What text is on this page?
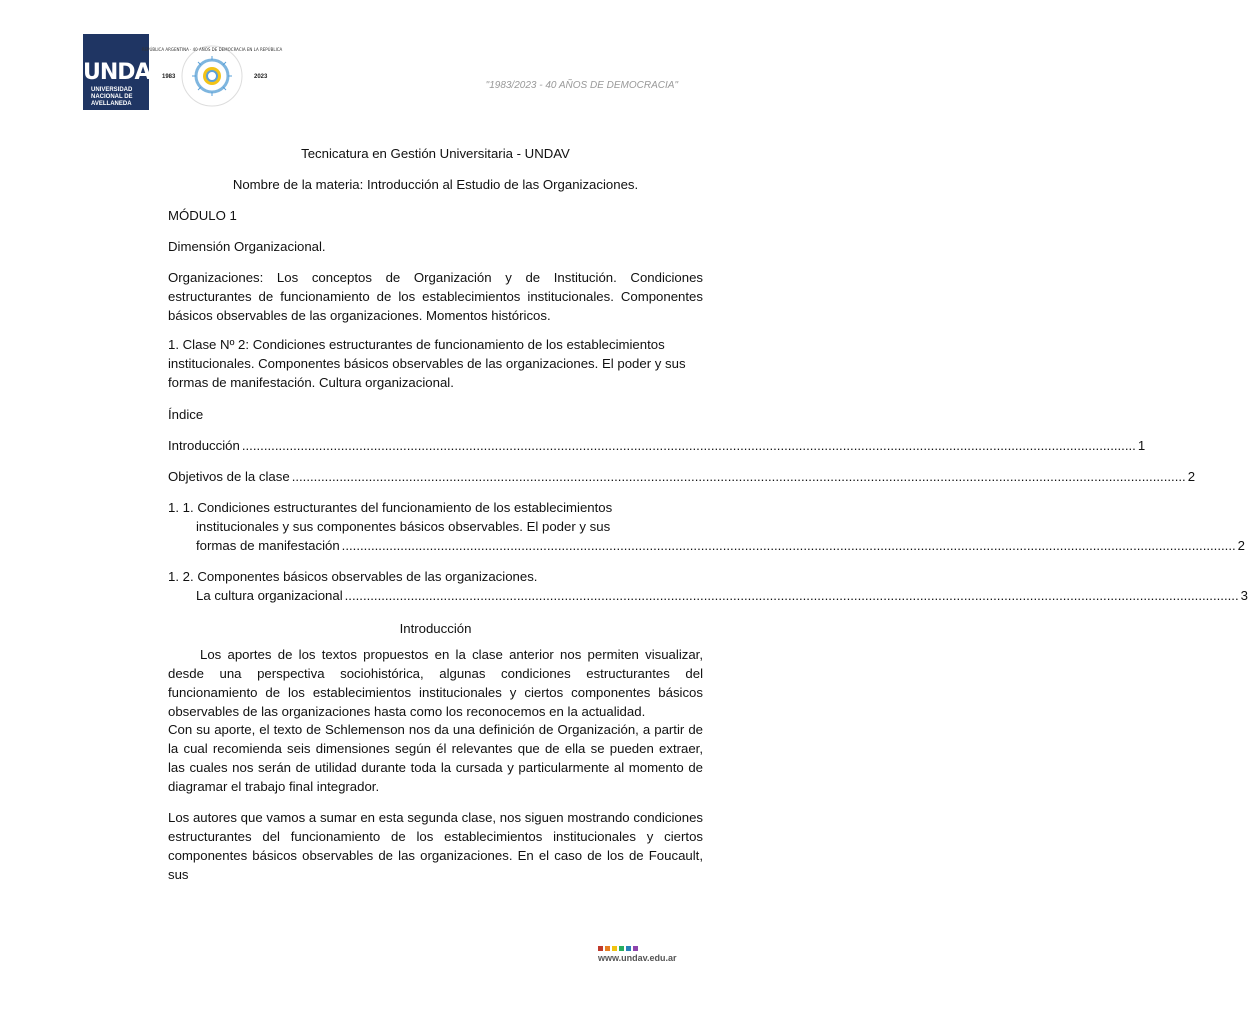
UNDAV
UNIVERSIDAD NACIONAL DE AVELLANEDA
REPÚBLICA ARGENTINA · 40 AÑOS DE DEMOCRACIA EN LA REPÚBLICA
1983	2023
"1983/2023 - 40 AÑOS DE DEMOCRACIA"
Tecnicatura en Gestión Universitaria - UNDAV
Nombre de la materia: Introducción al Estudio de las Organizaciones.
MÓDULO 1
Dimensión Organizacional.
Organizaciones: Los conceptos de Organización y de Institución. Condiciones estructurantes de funcionamiento de los establecimientos institucionales. Componentes básicos observables de las organizaciones. Momentos históricos.
1. Clase Nº 2: Condiciones estructurantes de funcionamiento de los establecimientos
institucionales. Componentes básicos observables de las organizaciones. El poder y sus
formas de manifestación. Cultura organizacional.
Índice
Introducción .....	1
Objetivos de la clase .....	2
1. 1. Condiciones estructurantes del funcionamiento de los establecimientos
institucionales y sus componentes básicos observables. El poder y sus
formas de manifestación .....	2
1. 2. Componentes básicos observables de las organizaciones.
La cultura organizacional .....	3
Introducción
Los aportes de los textos propuestos en la clase anterior nos permiten visualizar, desde una perspectiva sociohistórica, algunas condiciones estructurantes del funcionamiento de los establecimientos institucionales y ciertos componentes básicos observables de las organizaciones hasta como los reconocemos en la actualidad.
Con su aporte, el texto de Schlemenson nos da una definición de Organización, a partir de la cual recomienda seis dimensiones según él relevantes que de ella se pueden extraer, las cuales nos serán de utilidad durante toda la cursada y particularmente al momento de diagramar el trabajo final integrador.
Los autores que vamos a sumar en esta segunda clase, nos siguen mostrando condiciones estructurantes del funcionamiento de los establecimientos institucionales y ciertos componentes básicos observables de las organizaciones. En el caso de los de Foucault, sus
www.undav.edu.ar
